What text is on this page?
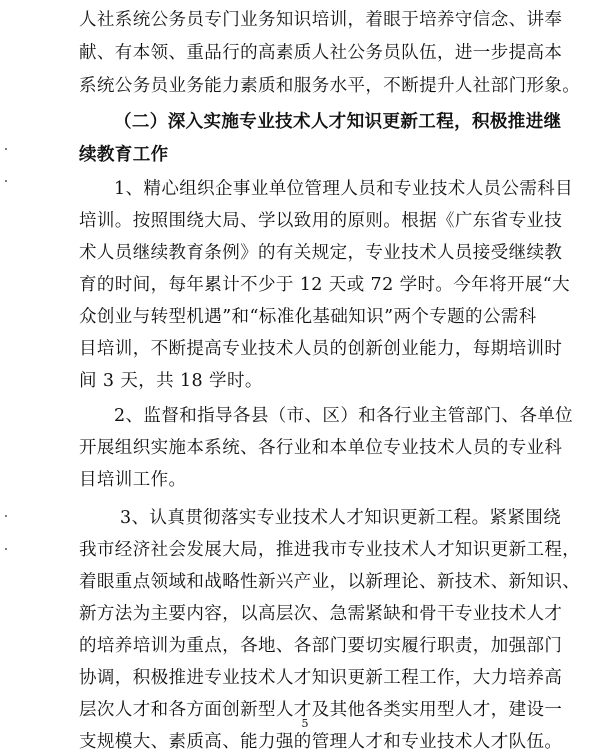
人社系统公务员专门业务知识培训，着眼于培养守信念、讲奉
献、有本领、重品行的高素质人社公务员队伍，进一步提高本
系统公务员业务能力素质和服务水平，不断提升人社部门形象。
（二）深入实施专业技术人才知识更新工程，积极推进继
续教育工作
1、精心组织企事业单位管理人员和专业技术人员公需科目
培训。按照围绕大局、学以致用的原则。根据《广东省专业技
术人员继续教育条例》的有关规定，专业技术人员接受继续教
育的时间，每年累计不少于 12 天或 72 学时。今年将开展“大
众创业与转型机遇”和“标准化基础知识”两个专题的公需科
目培训，不断提高专业技术人员的创新创业能力，每期培训时
间 3 天，共 18 学时。
2、监督和指导各县（市、区）和各行业主管部门、各单位
开展组织实施本系统、各行业和本单位专业技术人员的专业科
目培训工作。
3、认真贯彻落实专业技术人才知识更新工程。紧紧围绕
我市经济社会发展大局，推进我市专业技术人才知识更新工程，
着眼重点领域和战略性新兴产业，以新理论、新技术、新知识、
新方法为主要内容，以高层次、急需紧缺和骨干专业技术人才
的培养培训为重点，各地、各部门要切实履行职责，加强部门
协调，积极推进专业技术人才知识更新工程工作，大力培养高
层次人才和各方面创新型人才及其他各类实用型人才，建设一
支规模大、素质高、能力强的管理人才和专业技术人才队伍。
5
